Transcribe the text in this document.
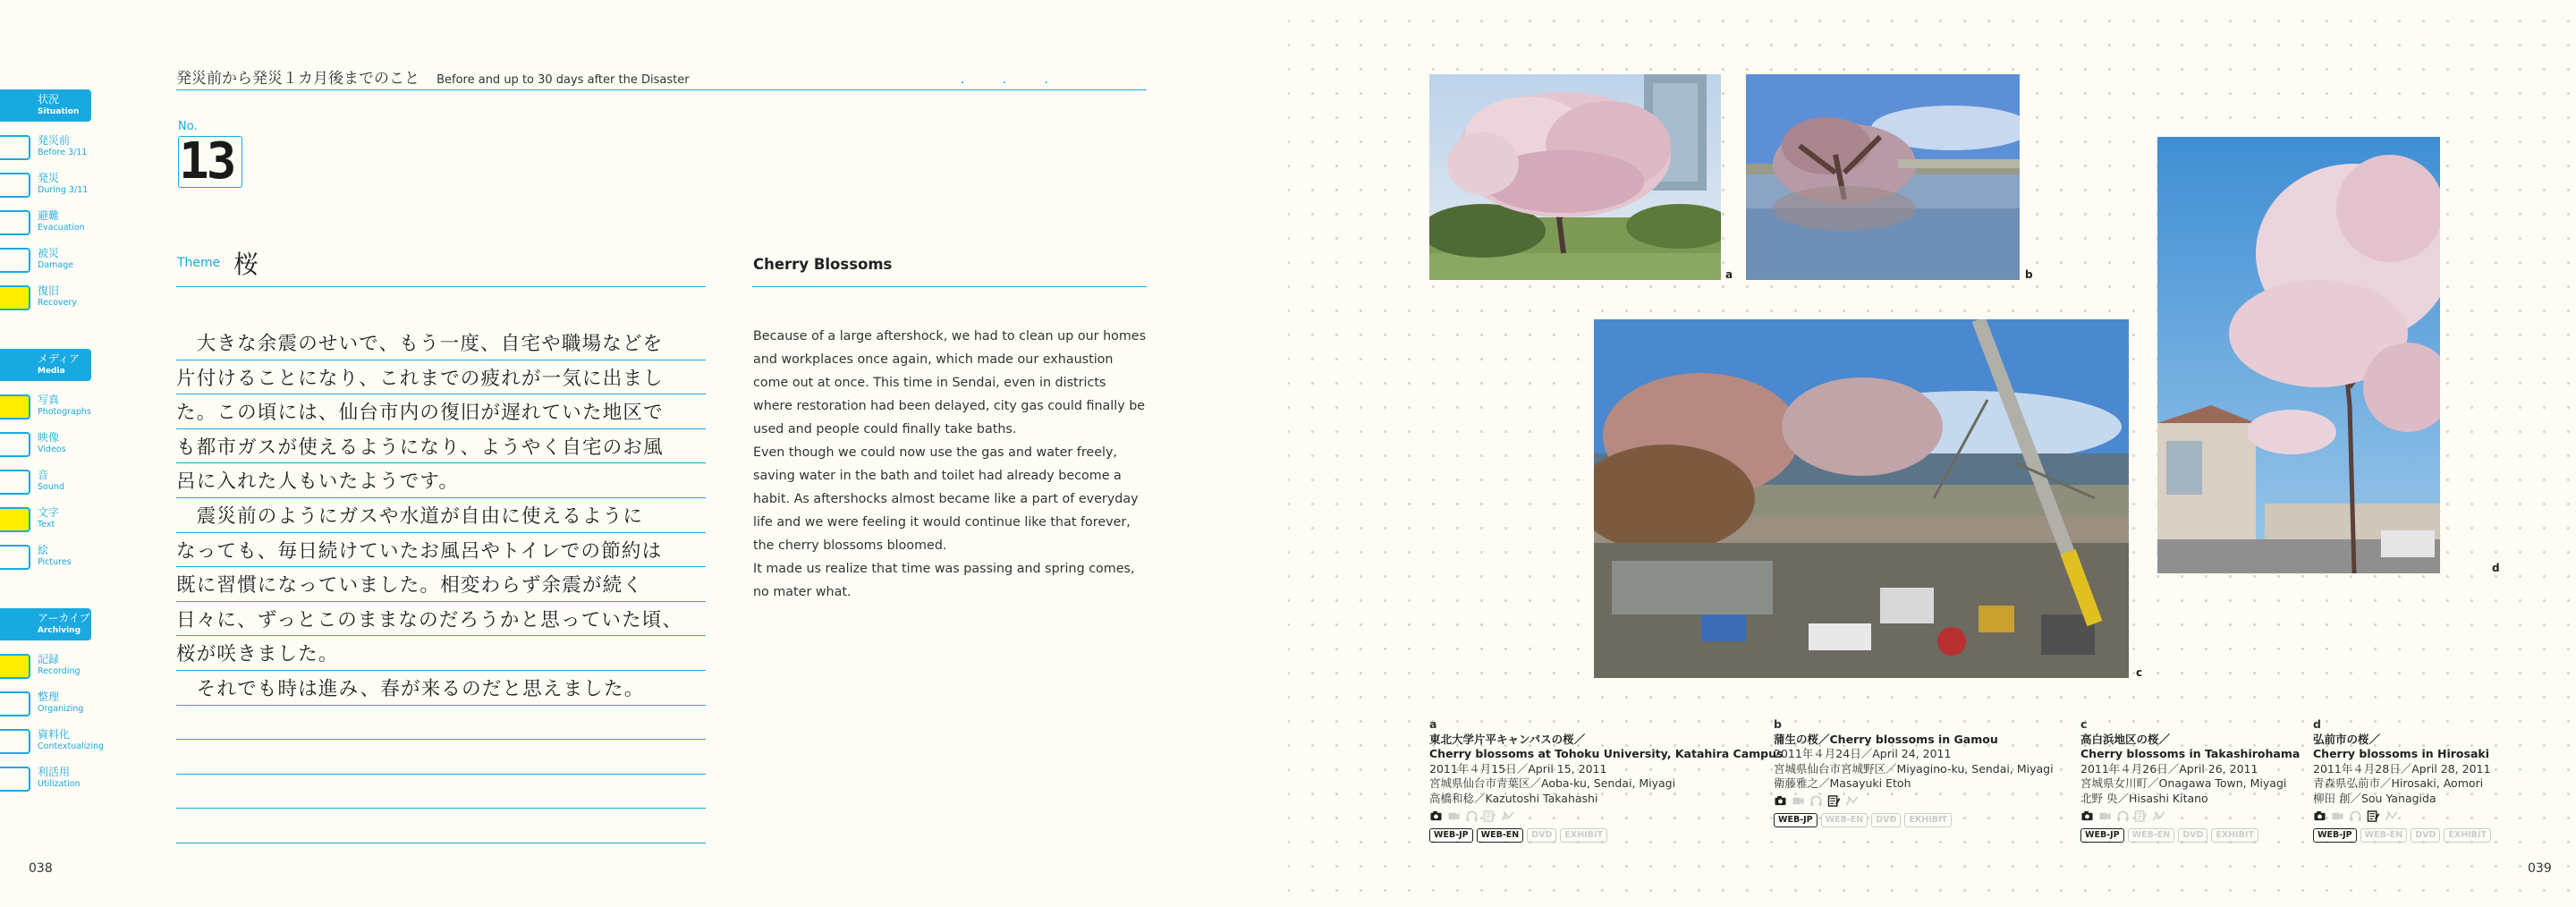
状況
Situation
発災前
Before 3/11
発災
During 3/11
避難
Evacuation
被災
Damage
復旧
Recovery
メディア
Media
写真
Photographs
映像
Videos
音
Sound
文字
Text
絵
Pictures
アーカイブ
Archiving
記録
Recording
整理
Organizing
資料化
Contextualizing
利活用
Utilization
発災前から発災１カ月後までのこと Before and up to 30 days after the Disaster	...
No.
13
Theme 桜
　大きな余震のせいで、もう一度、自宅や職場などを
片付けることになり、これまでの疲れが一気に出まし
た。この頃には、仙台市内の復旧が遅れていた地区で
も都市ガスが使えるようになり、ようやく自宅のお風
呂に入れた人もいたようです。
　震災前のようにガスや水道が自由に使えるように
なっても、毎日続けていたお風呂やトイレでの節約は
既に習慣になっていました。相変わらず余震が続く
日々に、ずっとこのままなのだろうかと思っていた頃、
桜が咲きました。
　それでも時は進み、春が来るのだと思えました。
Cherry Blossoms

Because of a large aftershock, we had to clean up our homes and workplaces once again, which made our exhaustion come out at once. This time in Sendai, even in districts where restoration had been delayed, city gas could finally be used and people could finally take baths.

Even though we could now use the gas and water freely, saving water in the bath and toilet had already become a habit. As aftershocks almost became like a part of everyday life and we were feeling it would continue like that forever, the cherry blossoms bloomed.

It made us realize that time was passing and spring comes, no mater what.

038
a	b
d
c
a
東北大学片平キャンパスの桜／
Cherry blossoms at Tohoku University, Katahira Campus
2011年４月15日／April 15, 2011
宮城県仙台市青葉区／Aoba-ku, Sendai, Miyagi
高橋和稔／Kazutoshi Takahashi
WEB-JP	WEB-EN	DVD	EXHIBIT
b
蒲生の桜／Cherry blossoms in Gamou
2011年４月24日／April 24, 2011
宮城県仙台市宮城野区／Miyagino-ku, Sendai, Miyagi
衛藤雅之／Masayuki Etoh
WEB-JP	WEB-EN	DVD	EXHIBIT
c
高白浜地区の桜／
Cherry blossoms in Takashirohama
2011年４月26日／April 26, 2011
宮城県女川町／Onagawa Town, Miyagi
北野 央／Hisashi Kitano
WEB-JP	WEB-EN	DVD	EXHIBIT
d
弘前市の桜／
Cherry blossoms in Hirosaki
2011年４月28日／April 28, 2011
青森県弘前市／Hirosaki, Aomori
柳田 創／Sou Yanagida
WEB-JP	WEB-EN	DVD	EXHIBIT
039
